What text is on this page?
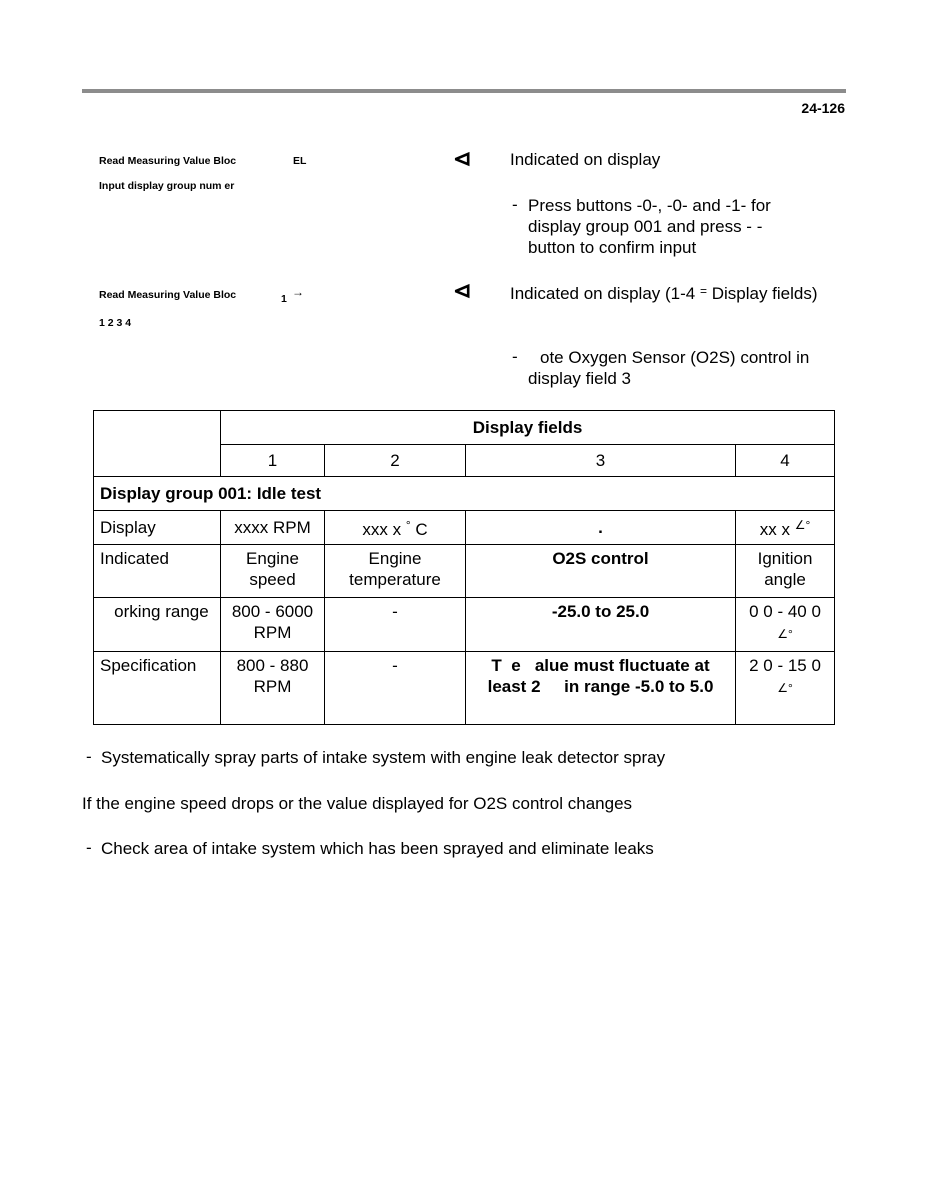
24-126
Read Measuring Value Bloc	EL
Input display group num er
⊲ Indicated on display
- Press buttons -0-, -0- and -1- for display group 001 and press - - button to confirm input
Read Measuring Value Bloc	1 →
1 2 3 4
⊲ Indicated on display (1-4 = Display fields)
-	ote Oxygen Sensor (O2S) control in display field 3
	Display fields			
	1	2	3	4
Display group 001: Idle test				
Display	xxxx RPM	xxx x ° C	.	xx x ∠°
Indicated	Engine speed	Engine temperature	O2S control	Ignition angle
orking range	800 - 6000 RPM	-	-25.0 to 25.0	0 0 - 40 0
∠°
Specification	800 - 880 RPM	-	T  e   alue must fluctuate at least 2     in range -5.0 to 5.0	2 0 - 15 0
∠°
- Systematically spray parts of intake system with engine leak detector spray
If the engine speed drops or the value displayed for O2S control changes
- Check area of intake system which has been sprayed and eliminate leaks
